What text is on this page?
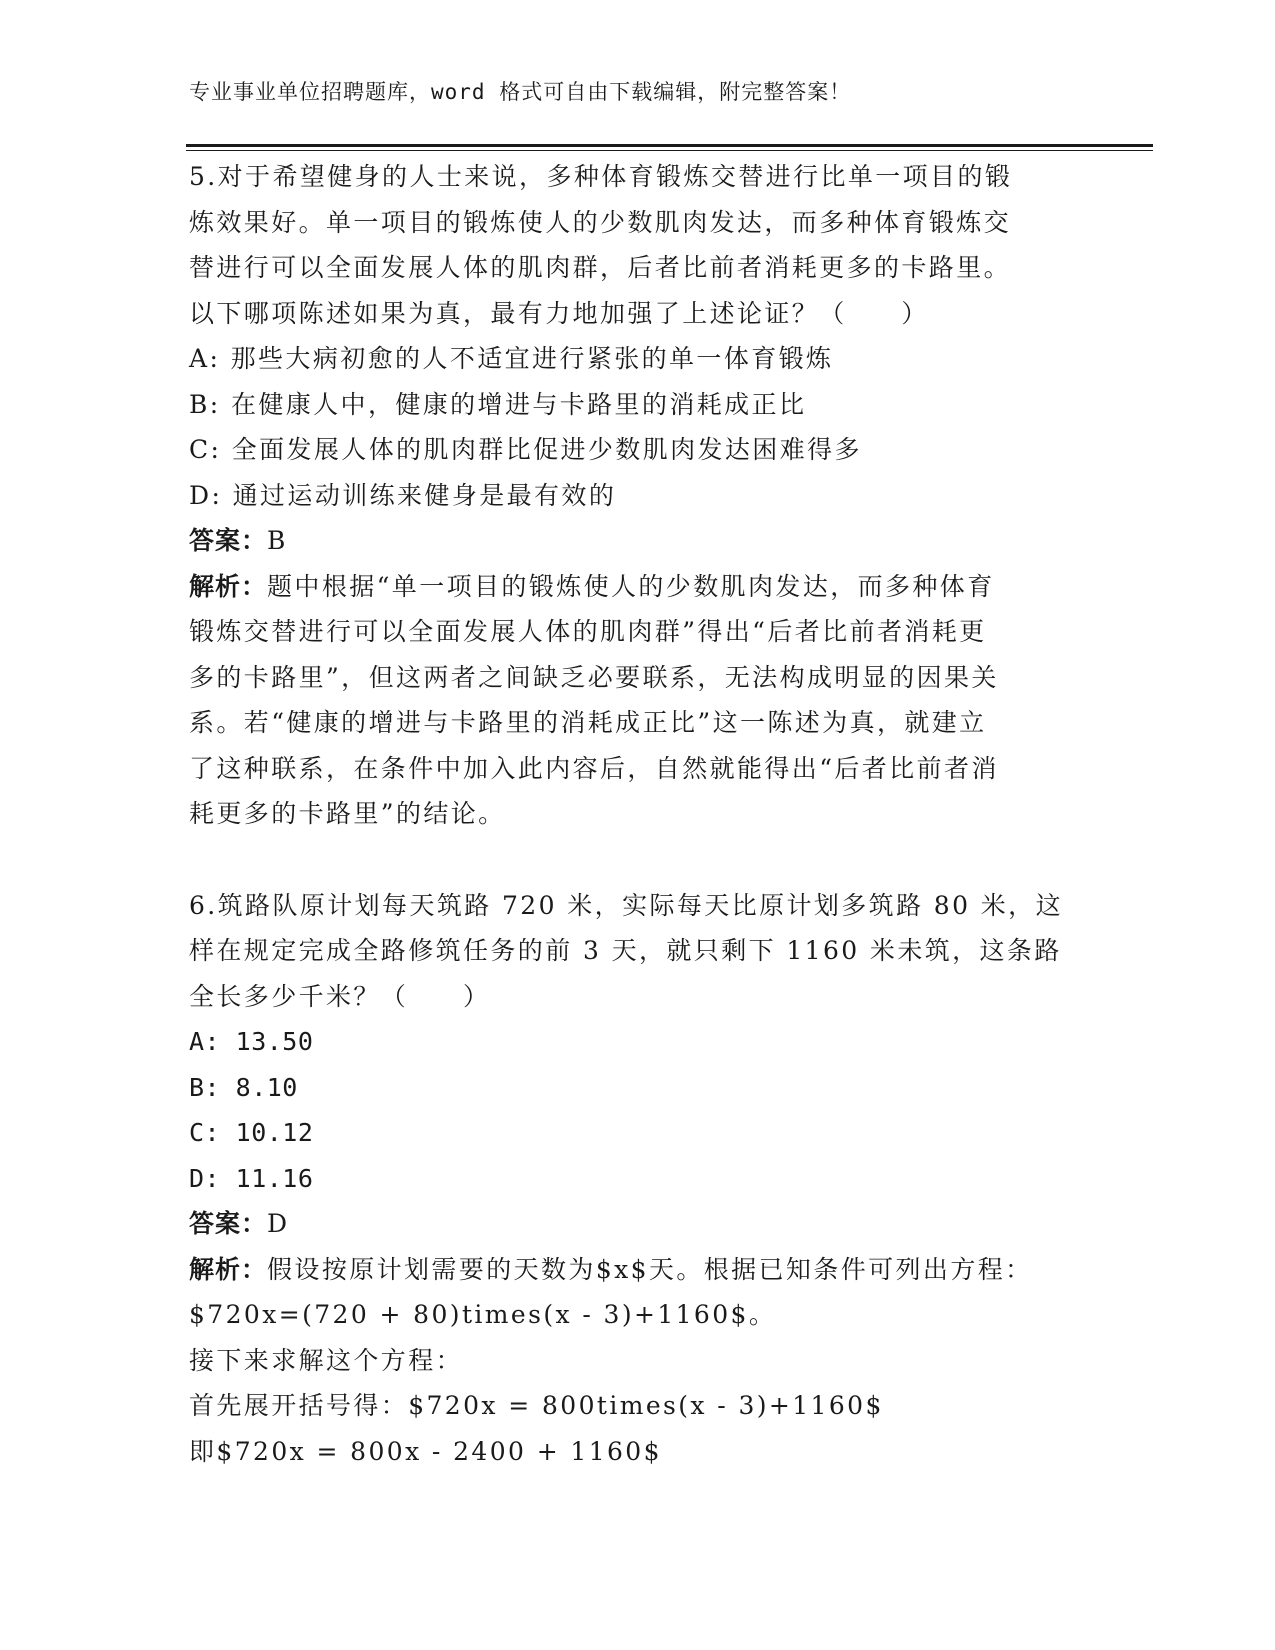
专业事业单位招聘题库，word 格式可自由下载编辑，附完整答案！
5.对于希望健身的人士来说，多种体育锻炼交替进行比单一项目的锻
炼效果好。单一项目的锻炼使人的少数肌肉发达，而多种体育锻炼交
替进行可以全面发展人体的肌肉群，后者比前者消耗更多的卡路里。
以下哪项陈述如果为真，最有力地加强了上述论证？（　　）
A: 那些大病初愈的人不适宜进行紧张的单一体育锻炼
B: 在健康人中，健康的增进与卡路里的消耗成正比
C: 全面发展人体的肌肉群比促进少数肌肉发达困难得多
D: 通过运动训练来健身是最有效的
答案：B
解析：题中根据“单一项目的锻炼使人的少数肌肉发达，而多种体育
锻炼交替进行可以全面发展人体的肌肉群”得出“后者比前者消耗更
多的卡路里”，但这两者之间缺乏必要联系，无法构成明显的因果关
系。若“健康的增进与卡路里的消耗成正比”这一陈述为真，就建立
了这种联系，在条件中加入此内容后，自然就能得出“后者比前者消
耗更多的卡路里”的结论。
6.筑路队原计划每天筑路 720 米，实际每天比原计划多筑路 80 米，这
样在规定完成全路修筑任务的前 3 天，就只剩下 1160 米未筑，这条路
全长多少千米？（　　）
A: 13.50
B: 8.10
C: 10.12
D: 11.16
答案：D
解析：假设按原计划需要的天数为$x$天。根据已知条件可列出方程：
$720x=(720 + 80)times(x - 3)+1160$。
接下来求解这个方程：
首先展开括号得：$720x = 800times(x - 3)+1160$
即$720x = 800x - 2400 + 1160$
